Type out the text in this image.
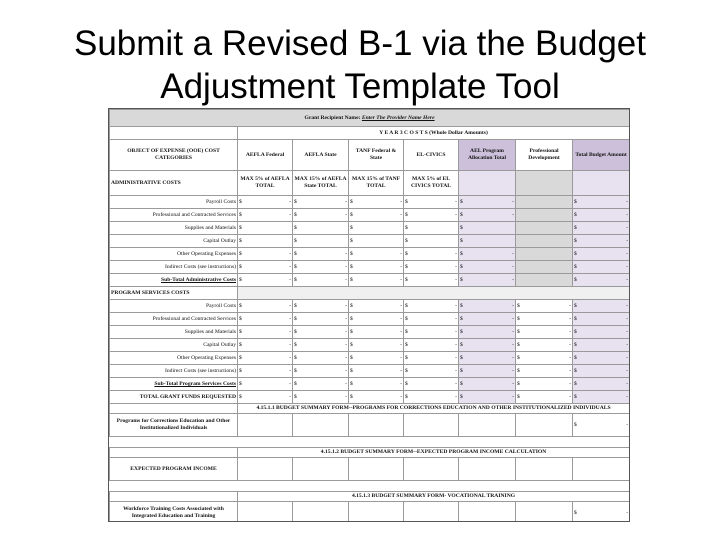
Submit a Revised B-1 via the Budget
Adjustment Template Tool
Grant Recipient Name: Enter The Provider Name Here							
	Y E A R 3 C O S T S (Whole Dollar Amounts)						
OBJECT OF EXPENSE (OOE) COST CATEGORIES	AEFLA Federal	AEFLA State	TANF Federal & State	EL-CIVICS	AEL Program Allocation Total	Professional Development	Total Budget Amount
ADMINISTRATIVE COSTS	MAX 5% of AEFLA TOTAL	MAX 15% of AEFLA State TOTAL	MAX 15% of TANF TOTAL	MAX 5% of EL CIVICS TOTAL			
Payroll Costs	$ -	$ -	$ -	$ -	$ -		$ -

Professional and Contracted Services	$ -	$ -	$ -	$ -	$ -		$ -

Supplies and Materials	$	$	$	$	$		$ -

Capital Outlay	$	$	$	$	$		$ -

Other Operating Expenses	$ -	$ -	$ -	$ -	$ -		$ -

Indirect Costs (see instructions)	$ -	$ -	$ -	$ -	$ -		$ -

Sub-Total Administrative Costs	$ -	$ -	$ -	$ -	$ -		$ -

PROGRAM SERVICES COSTS							
Payroll Costs	$ -	$ -	$ -	$ -	$ -	$ -	$ -

Professional and Contracted Services	$ -	$ -	$ -	$ -	$ -	$ -	$ -

Supplies and Materials	$ -	$ -	$ -	$ -	$ -	$ -	$ -

Capital Outlay	$ -	$ -	$ -	$ -	$ -	$ -	$ -

Other Operating Expenses	$ -	$ -	$ -	$ -	$ -	$ -	$ -

Indirect Costs (see instructions)	$ -	$ -	$ -	$ -	$ -	$ -	$ -

Sub-Total Program Services Costs	$ -	$ -	$ -	$ -	$ -	$ -	$ -

TOTAL GRANT FUNDS REQUESTED	$ -	$ -	$ -	$ -	$ -	$ -	$ -

	4.15.1.1 BUDGET SUMMARY FORM--PROGRAMS FOR CORRECTIONS EDUCATION AND OTHER INSTITUTIONALIZED INDIVIDUALS						
Programs for Corrections Education and Other Institutionalized Individuals							$ -

	4.15.1.2 BUDGET SUMMARY FORM--EXPECTED PROGRAM INCOME CALCULATION						
EXPECTED PROGRAM INCOME							

	4.15.1.3 BUDGET SUMMARY FORM- VOCATIONAL TRAINING						
Workforce Training Costs Associated with Integrated Education and Training							$ -
